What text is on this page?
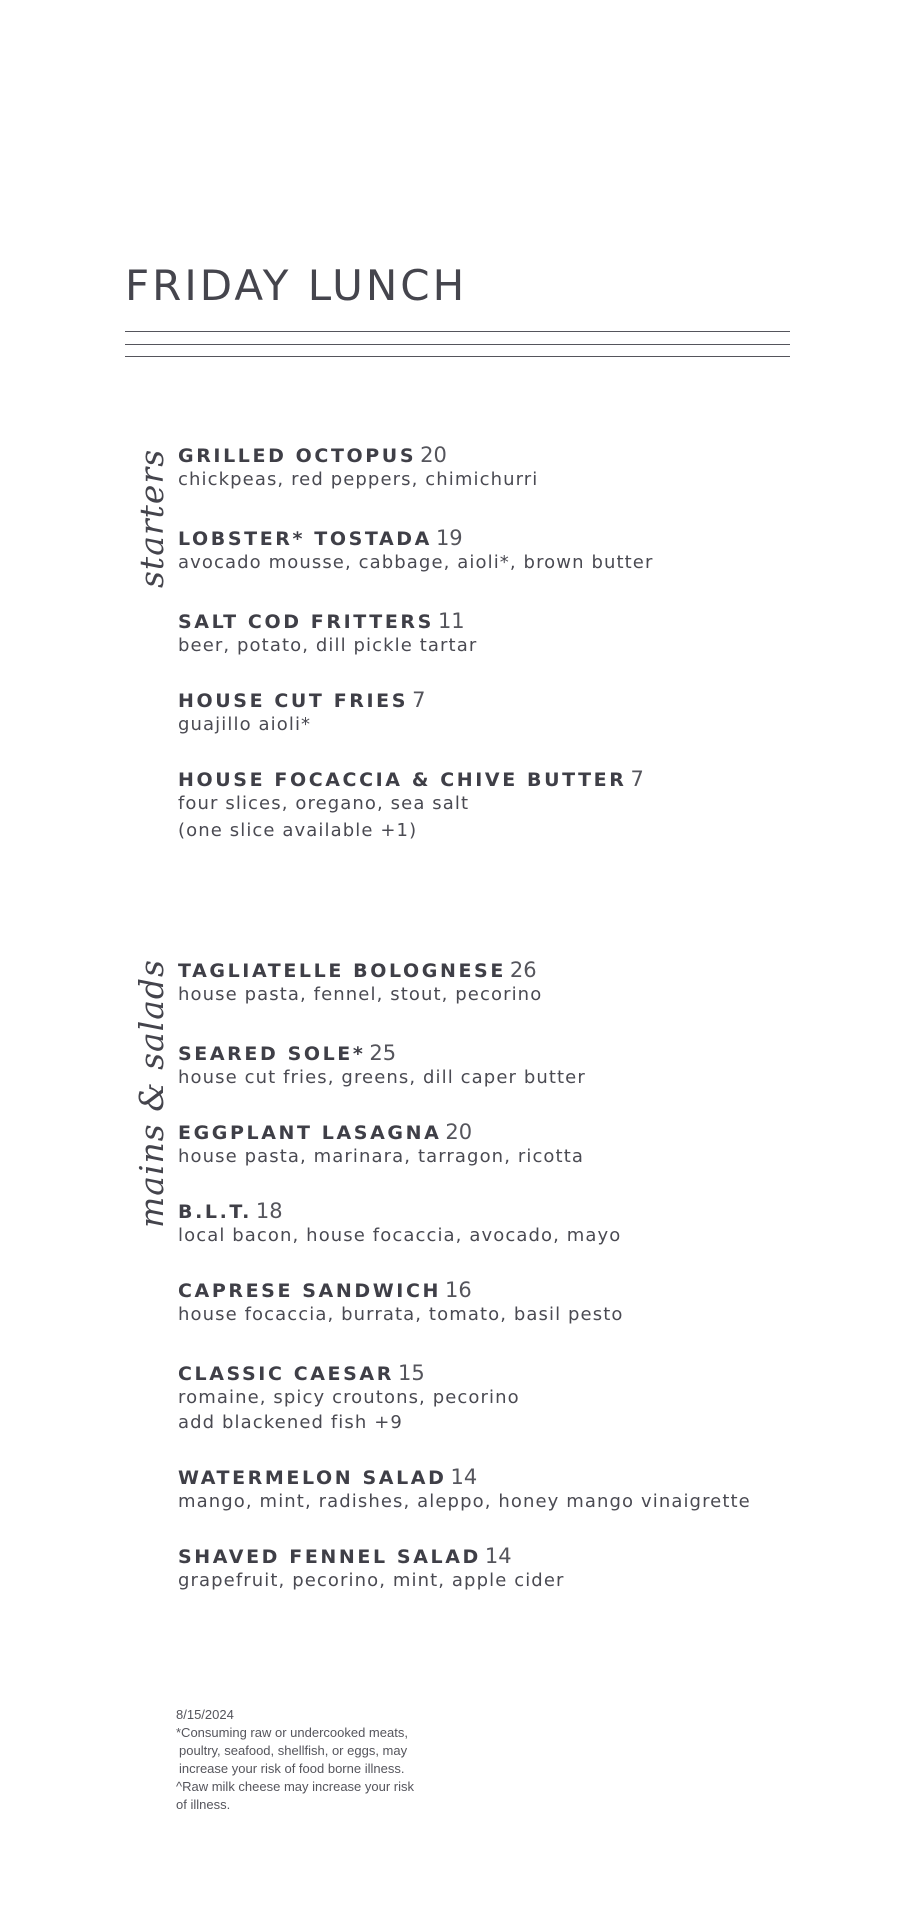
FRIDAY LUNCH
starters GRILLED OCTOPUS 20
chickpeas, red peppers, chimichurri
LOBSTER* TOSTADA 19
avocado mousse, cabbage, aioli*, brown butter
SALT COD FRITTERS 11
beer, potato, dill pickle tartar
HOUSE CUT FRIES 7
guajillo aioli*
HOUSE FOCACCIA & CHIVE BUTTER 7
four slices, oregano, sea salt
(one slice available +1)
mains & salads TAGLIATELLE BOLOGNESE 26
house pasta, fennel, stout, pecorino
SEARED SOLE* 25
house cut fries, greens, dill caper butter
EGGPLANT LASAGNA 20
house pasta, marinara, tarragon, ricotta
B.L.T. 18
local bacon, house focaccia, avocado, mayo
CAPRESE SANDWICH 16
house focaccia, burrata, tomato, basil pesto
CLASSIC CAESAR 15
romaine, spicy croutons, pecorino
add blackened fish +9
WATERMELON SALAD 14
mango, mint, radishes, aleppo, honey mango vinaigrette
SHAVED FENNEL SALAD 14
grapefruit, pecorino, mint, apple cider
8/15/2024
*Consuming raw or undercooked meats,
poultry, seafood, shellfish, or eggs, may
increase your risk of food borne illness.
^Raw milk cheese may increase your risk
of illness.
